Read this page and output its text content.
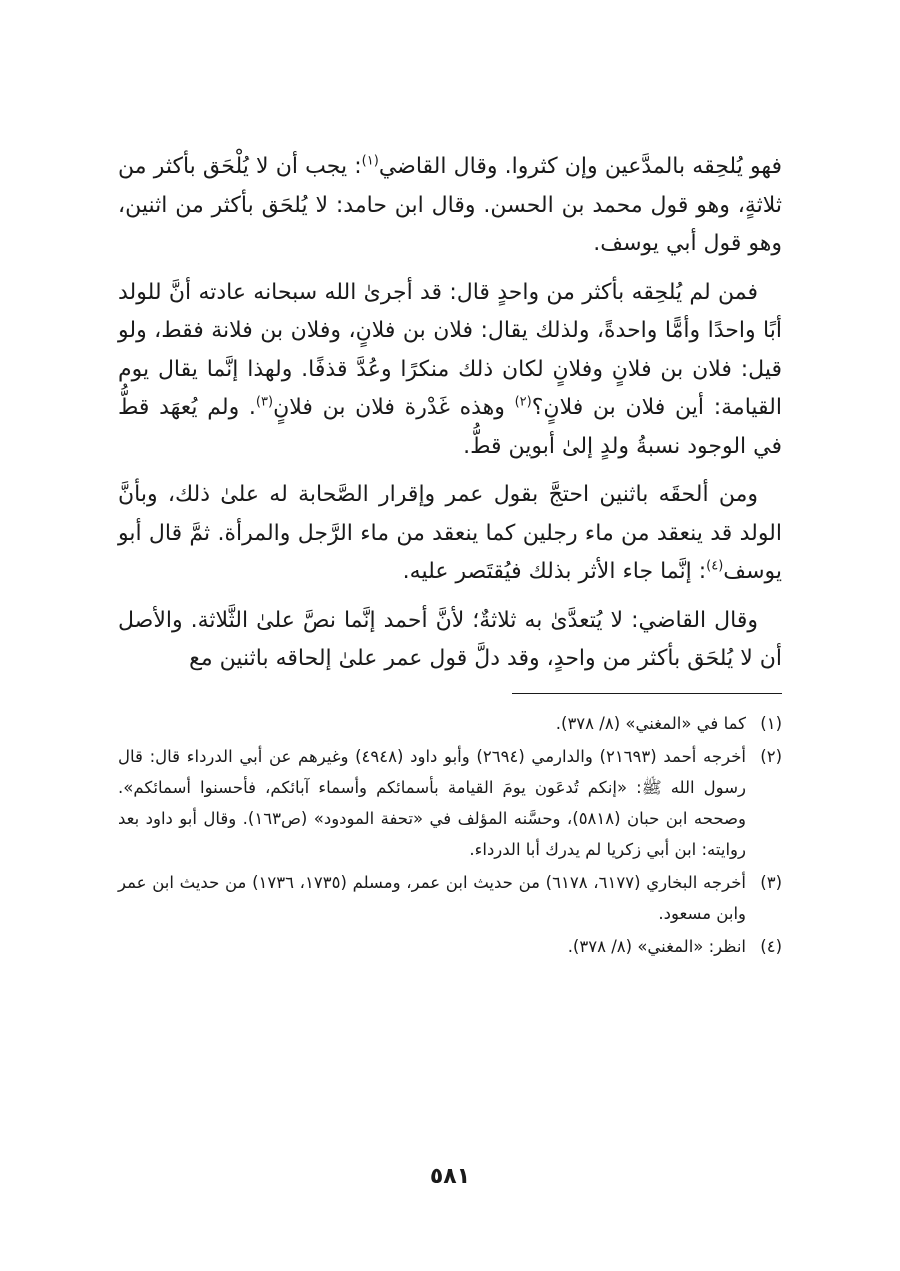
فهو يُلحِقه بالمدَّعين وإن كثروا. وقال القاضي$^{(١)}$: يجب أن لا يُلْحَق بأكثر من ثلاثةٍ، وهو قول محمد بن الحسن. وقال ابن حامد: لا يُلحَق بأكثر من اثنين، وهو قول أبي يوسف.

فمن لم يُلحِقه بأكثر من واحدٍ قال: قد أجرىٰ الله سبحانه عادته أنَّ للولد أبًا واحدًا وأمًّا واحدةً، ولذلك يقال: فلان بن فلانٍ، وفلان بن فلانة فقط، ولو قيل: فلان بن فلانٍ وفلانٍ لكان ذلك منكرًا وعُدَّ قذفًا. ولهذا إنَّما يقال يوم القيامة: أين فلان بن فلانٍ؟$^{(٢)}$ وهذه غَدْرة فلان بن فلانٍ$^{(٣)}$. ولم يُعهَد قطُّ في الوجود نسبةُ ولدٍ إلىٰ أبوين قطُّ.

ومن ألحقَه باثنين احتجَّ بقول عمر وإقرار الصَّحابة له علىٰ ذلك، وبأنَّ الولد قد ينعقد من ماء رجلين كما ينعقد من ماء الرَّجل والمرأة. ثمَّ قال أبو يوسف$^{(٤)}$: إنَّما جاء الأثر بذلك فيُقتَصر عليه.

وقال القاضي: لا يُتعدَّىٰ به ثلاثةٌ؛ لأنَّ أحمد إنَّما نصَّ علىٰ الثَّلاثة. والأصل أن لا يُلحَق بأكثر من واحدٍ، وقد دلَّ قول عمر علىٰ إلحاقه باثنين مع

(١)
كما في «المغني» (٨/ ٣٧٨).
(٢)
أخرجه أحمد (٢١٦٩٣) والدارمي (٢٦٩٤) وأبو داود (٤٩٤٨) وغيرهم عن أبي الدرداء قال: قال رسول الله ﷺ: «إنكم تُدعَون يومَ القيامة بأسمائكم وأسماء آبائكم، فأحسنوا أسمائكم». وصححه ابن حبان (٥٨١٨)، وحسَّنه المؤلف في «تحفة المودود» (ص١٦٣). وقال أبو داود بعد روايته: ابن أبي زكريا لم يدرك أبا الدرداء.
(٣)
أخرجه البخاري (٦١٧٧، ٦١٧٨) من حديث ابن عمر، ومسلم (١٧٣٥، ١٧٣٦) من حديث ابن عمر وابن مسعود.
(٤)
انظر: «المغني» (٨/ ٣٧٨).
٥٨١
